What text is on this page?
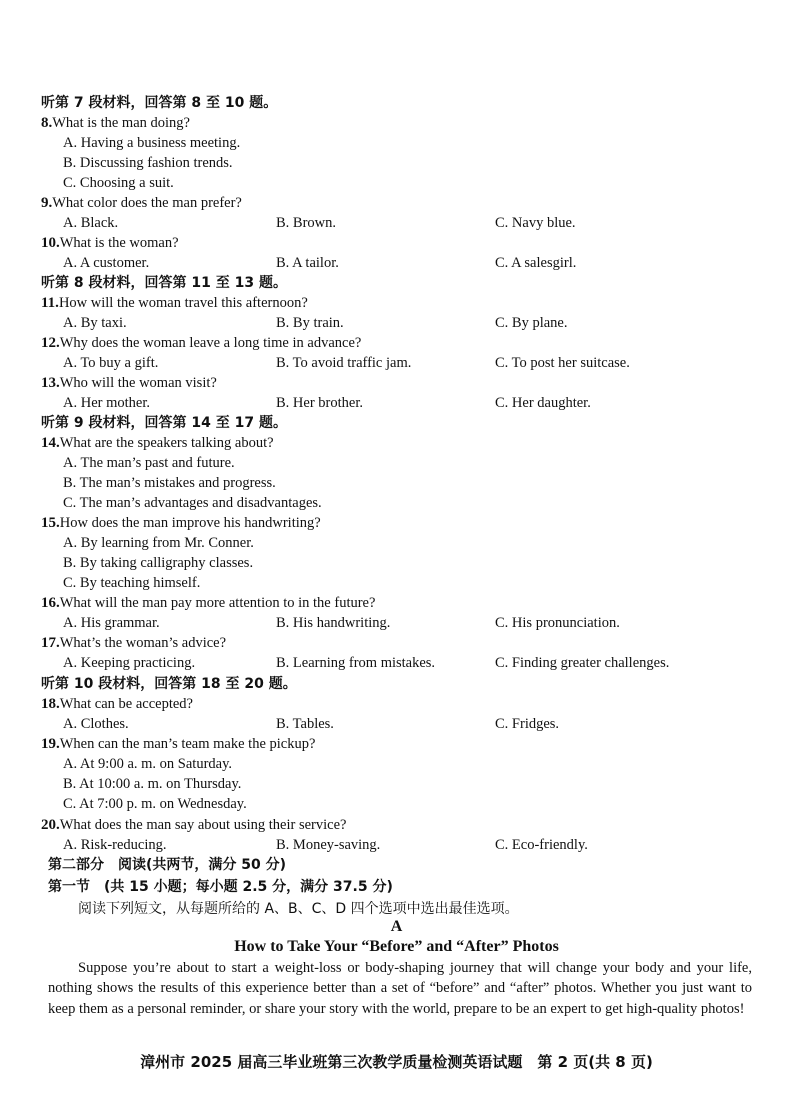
听第 7 段材料，回答第 8 至 10 题。
8.What is the man doing?
A. Having a business meeting.
B. Discussing fashion trends.
C. Choosing a suit.
9.What color does the man prefer?
A. Black.	B. Brown.	C. Navy blue.
10.What is the woman?
A. A customer.	B. A tailor.	C. A salesgirl.
听第 8 段材料，回答第 11 至 13 题。
11.How will the woman travel this afternoon?
A. By taxi.	B. By train.	C. By plane.
12.Why does the woman leave a long time in advance?
A. To buy a gift.	B. To avoid traffic jam.	C. To post her suitcase.
13.Who will the woman visit?
A. Her mother.	B. Her brother.	C. Her daughter.
听第 9 段材料，回答第 14 至 17 题。
14.What are the speakers talking about?
A. The man’s past and future.
B. The man’s mistakes and progress.
C. The man’s advantages and disadvantages.
15.How does the man improve his handwriting?
A. By learning from Mr. Conner.
B. By taking calligraphy classes.
C. By teaching himself.
16.What will the man pay more attention to in the future?
A. His grammar.	B. His handwriting.	C. His pronunciation.
17.What’s the woman’s advice?
A. Keeping practicing.	B. Learning from mistakes.	C. Finding greater challenges.
听第 10 段材料，回答第 18 至 20 题。
18.What can be accepted?
A. Clothes.	B. Tables.	C. Fridges.
19.When can the man’s team make the pickup?
A. At 9:00 a. m. on Saturday.
B. At 10:00 a. m. on Thursday.
C. At 7:00 p. m. on Wednesday.
20.What does the man say about using their service?
A. Risk-reducing.	B. Money-saving.	C. Eco-friendly.
第二部分　阅读(共两节，满分 50 分)
第一节　(共 15 小题；每小题 2.5 分，满分 37.5 分)
阅读下列短文，从每题所给的 A、B、C、D 四个选项中选出最佳选项。
A
How to Take Your “Before” and “After” Photos
Suppose you’re about to start a weight-loss or body-shaping journey that will change your body and your life, nothing shows the results of this experience better than a set of “before” and “after” photos. Whether you just want to keep them as a personal reminder, or share your story with the world, prepare to be an expert to get high-quality photos!
漳州市 2025 届高三毕业班第三次教学质量检测英语试题　第 2 页(共 8 页)
